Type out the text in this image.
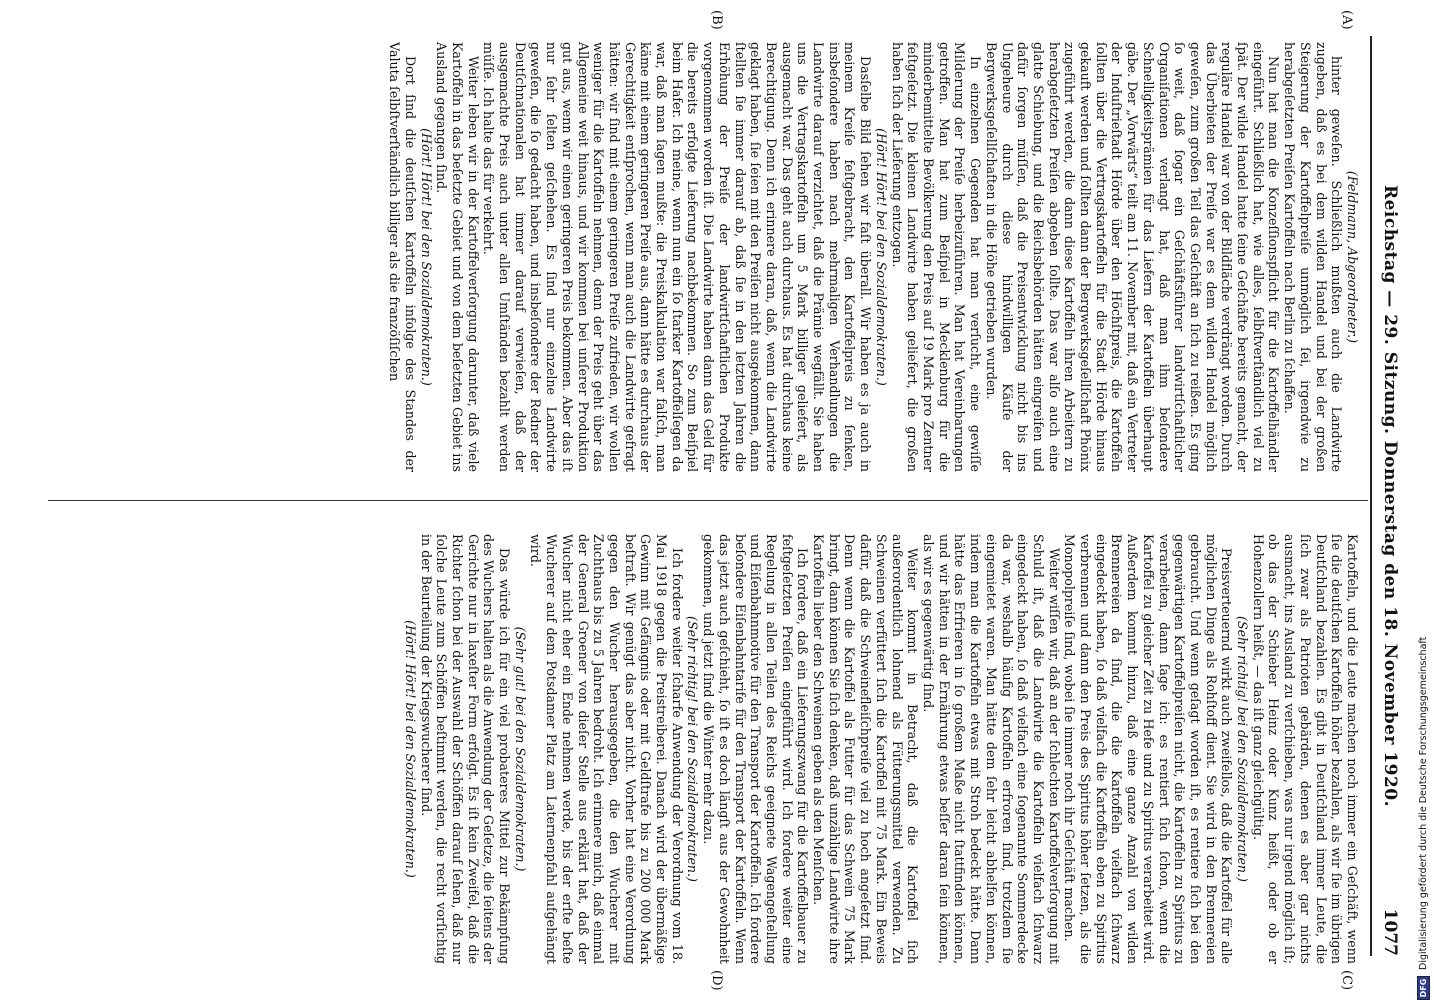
1077
Reichstag — 29. Sitzung. Donnerstag den 18. November 1920.
(A)
(B)
(C)
(D)

(Feldmann, Abgeordneter.)

hinter geweſen. Schließlich mußten auch die Landwirte zugeben, daß es bei dem wilden Handel und bei der großen Steigerung der Kartoffelpreiſe unmöglich ſei, irgendwie zu herabgeſetzten Preiſen Kartoffeln nach Berlin zu ſchaffen.

Nun hat man die Konzeſſionspflicht für die Kartoffelhändler eingeführt. Schließlich hat, wie alles, ſelbſtverſtändlich viel zu ſpät. Der wilde Handel hatte ſeine Geſchäfte bereits gemacht, der reguläre Handel war von der Bildfläche verdrängt worden. Durch das Überbieten der Preiſe war es dem wilden Handel möglich geweſen, zum großen Teil das Geſchäft an ſich zu reißen. Es ging ſo weit, daß ſogar ein Geſchäftsführer landwirtſchaftlicher Organiſationen verlangt hat, daß man ihm beſondere Schnelligkeitsprämien für das Liefern der Kartoffeln überhaupt gäbe. Der „Vorwärts“ teilt am 11. November mit, daß ein Vertreter der Induſtrieſtadt Hörde über den Höchſtpreis, die Kartoffeln ſollten über die Vertragskartoffeln für die Stadt Hörde hinaus gekauft werden und ſollten dann der Bergwerksgeſellſchaft Phönix zugeführt werden, die dann diese Kartoffeln ihren Arbeitern zu herabgeſetzten Preiſen abgeben ſollte. Das war alſo auch eine glatte Schiebung, und die Reichsbehörden hätten eingreifen und dafür ſorgen müſſen, daß die Preisentwicklung nicht bis ins Ungeheure durch diese hindwilligen Käufe der Bergwerksgeſellſchaften in die Höhe getrieben wurden.

In einzelnen Gegenden hat man verſucht, eine gewiſſe Milderung der Preiſe herbeizuführen. Man hat Vereinbarungen getroffen. Man hat zum Beiſpiel in Mecklenburg für die minderbemittelte Bevölkerung den Preis auf 19 Mark pro Zentner feſtgeſetzt. Die kleinen Landwirte haben geliefert, die großen haben ſich der Lieferung entzogen.

(Hört! Hört! bei den Sozialdemokraten.)

Dasſelbe Bild ſehen wir faſt überall. Wir haben es ja auch in meinem Kreiſe feſtgebracht, den Kartoffelpreis zu ſenken, insbeſondere haben nach mehrmaligen Verhandlungen die Landwirte darauf verzichtet, daß die Prämie wegfällt. Sie haben uns die Vertragskartoffeln um 5 Mark billiger geliefert, als ausgemacht war. Das geht auch durchaus. Es hat durchaus keine Berechtigung. Denn ich erinnere daran, daß, wenn die Landwirte geklagt haben, ſie ſeien mit den Preiſen nicht ausgekommen, dann ſtellten ſie immer darauf ab, daß ſie in den letzten Jahren die Erhöhung der Preiſe der landwirtſchaftlichen Produkte vorgenommen worden iſt. Die Landwirte haben dann das Geld für die bereits erfolgte Lieferung nachbekommen. So zum Beiſpiel beim Hafer. Ich meine, wenn nun ein ſo ſtarker Kartoffelſegen da war, daß man ſagen mußte: die Preiskalkulation war falſch, man käme mit einem geringeren Preiſe aus, dann hätte es durchaus der Gerechtigkeit entſprochen, wenn man auch die Landwirte gefragt hätten: wir ſind mit einem geringeren Preiſe zufrieden, wir wollen weniger für die Kartoffeln nehmen, denn der Preis geht über das Allgemeine weit hinaus, und wir kommen bei unſerer Produktion gut aus, wenn wir einen geringeren Preis bekommen. Aber das iſt nur ſehr ſelten geſchehen. Es ſind nur einzelne Landwirte geweſen, die ſo gedacht haben, und insbeſondere der Redner der Deutſchnationalen hat immer darauf verwieſen, daß der ausgemachte Preis auch unter allen Umſtänden bezahlt werden müſſe. Ich halte das für verkehrt.

Weiter leben wir in der Kartoffelverſorgung darunter, daß viele Kartoffeln in das beſetzte Gebiet und von dem beſetzten Gebiet ins Ausland gegangen ſind.

(Hört! Hört! bei den Sozialdemokraten.)

Dort ſind die deutſchen Kartoffeln infolge des Standes der Valuta ſelbſtverſtändlich billiger als die franzöſiſchen

Kartoffeln, und die Leute machen noch immer ein Geſchäft, wenn ſie die deutſchen Kartoffeln höher bezahlen, als wir ſie im übrigen Deutſchland bezahlen. Es gibt in Deutſchland immer Leute, die ſich zwar als Patrioten gebärden, denen es aber gar nichts ausmacht, ins Ausland zu verſchieben, was nur irgend möglich iſt; ob das der Schieber Heinz oder Kunz heißt, oder ob er Hohenzollern heißt, — das iſt ganz gleichgültig.

(Sehr richtig! bei den Sozialdemokraten.)

Preisverteuernd wirkt auch zweifellos, daß die Kartoffel für alle möglichen Dinge als Rohſtoff dient. Sie wird in den Brennereien gebraucht. Und wenn geſagt worden iſt, es rentiere ſich bei den gegenwärtigen Kartoffelpreiſen nicht, die Kartoffeln zu Spiritus zu verarbeiten, dann ſage ich: es rentiert ſich ſchon, wenn die Kartoffel zu gleicher Zeit zu Hefe und zu Spiritus verarbeitet wird. Außerdem kommt hinzu, daß eine ganze Anzahl von wilden Brennereien da ſind, die die Kartoffeln vielfach ſchwarz eingedeckt haben, ſo daß vielfach die Kartoffeln eben zu Spiritus verbrennen und dann den Preis des Spiritus höher ſetzen, als die Monopolpreiſe ſind, wobei ſie immer noch ihr Geſchäft machen.

Weiter wiſſen wir, daß an der ſchlechten Kartoffelverſorgung mit Schuld iſt, daß die Landwirte die Kartoffeln vielfach ſchwarz eingedeckt haben, ſo daß vielfach eine ſogenannte Sommerdecke da war, weshalb häufig Kartoffeln erfroren ſind, trotzdem ſie eingemietet waren. Man hätte dem ſehr leicht abhelfen können, indem man die Kartoffeln etwas mit Stroh bedeckt hätte. Dann hätte das Erfrieren in ſo großem Maße nicht ſtattfinden können, und wir hätten in der Ernährung etwas beſſer daran ſein können, als wir es gegenwärtig ſind.

Weiter kommt in Betracht, daß die Kartoffel ſich außerordentlich lohnend als Fütterungsmittel verwenden. Zu Schweinen verfüttert ſich die Kartoffel mit 75 Mark. Ein Beweis dafür, daß die Schweinefleiſchpreiſe viel zu hoch angeſetzt ſind. Denn wenn die Kartoffel als Futter für das Schwein 75 Mark bringt, dann können Sie ſich denken, daß unzählige Landwirte ihre Kartoffeln lieber den Schweinen geben als den Menſchen.

Ich fordere, daß ein Lieferungszwang für die Kartoffelbauer zu feſtgeſetzten Preiſen eingeführt wird. Ich fordere weiter eine Regelung in allen Teilen des Reichs geeignete Wagengeſtellung und Eiſenbahnmotive für den Transport der Kartoffeln. Ich fordere beſondere Eiſenbahntarife für den Transport der Kartoffeln. Wenn das jetzt auch geſchieht, ſo iſt es doch längſt aus der Gewohnheit gekommen, und jetzt ſind die Winter mehr dazu.

(Sehr richtig! bei den Sozialdemokraten.)

Ich fordere weiter ſcharfe Anwendung der Verordnung vom 18. Mai 1918 gegen die Preistreiberei. Danach wird der übermäßige Gewinn mit Gefängnis oder mit Geldſtrafe bis zu 200 000 Mark beſtraft. Wir genügt das aber nicht. Vorher hat eine Verordnung gegen den Wucher herausgegeben, die den Wucherer mit Zuchthaus bis zu 5 Jahren bedroht. Ich erinnere mich, daß einmal der General Groener von dieſer Stelle aus erklärt hat, daß der Wucher nicht eher ein Ende nehmen werde, bis der erſte beſte Wucherer auf dem Potsdamer Platz am Laternenpfahl aufgehängt wird.

(Sehr gut! bei den Sozialdemokraten.)

Das würde ich für ein viel probateres Mittel zur Bekämpfung des Wuchers halten als die Anwendung der Geſetze, die ſeitens der Gerichte nur in laxeſter Form erfolgt. Es iſt kein Zweifel, daß die Richter ſchon bei der Auswahl der Schöffen darauf ſehen, daß nur ſolche Leute zum Schöffen beſtimmt werden, die recht vorſichtig in der Beurteilung der Kriegswucherer ſind.

(Hört! Hört! bei den Sozialdemokraten.)

DFG
Digitalisierung gefördert durch die Deutsche Forschungsgemeinschaft
